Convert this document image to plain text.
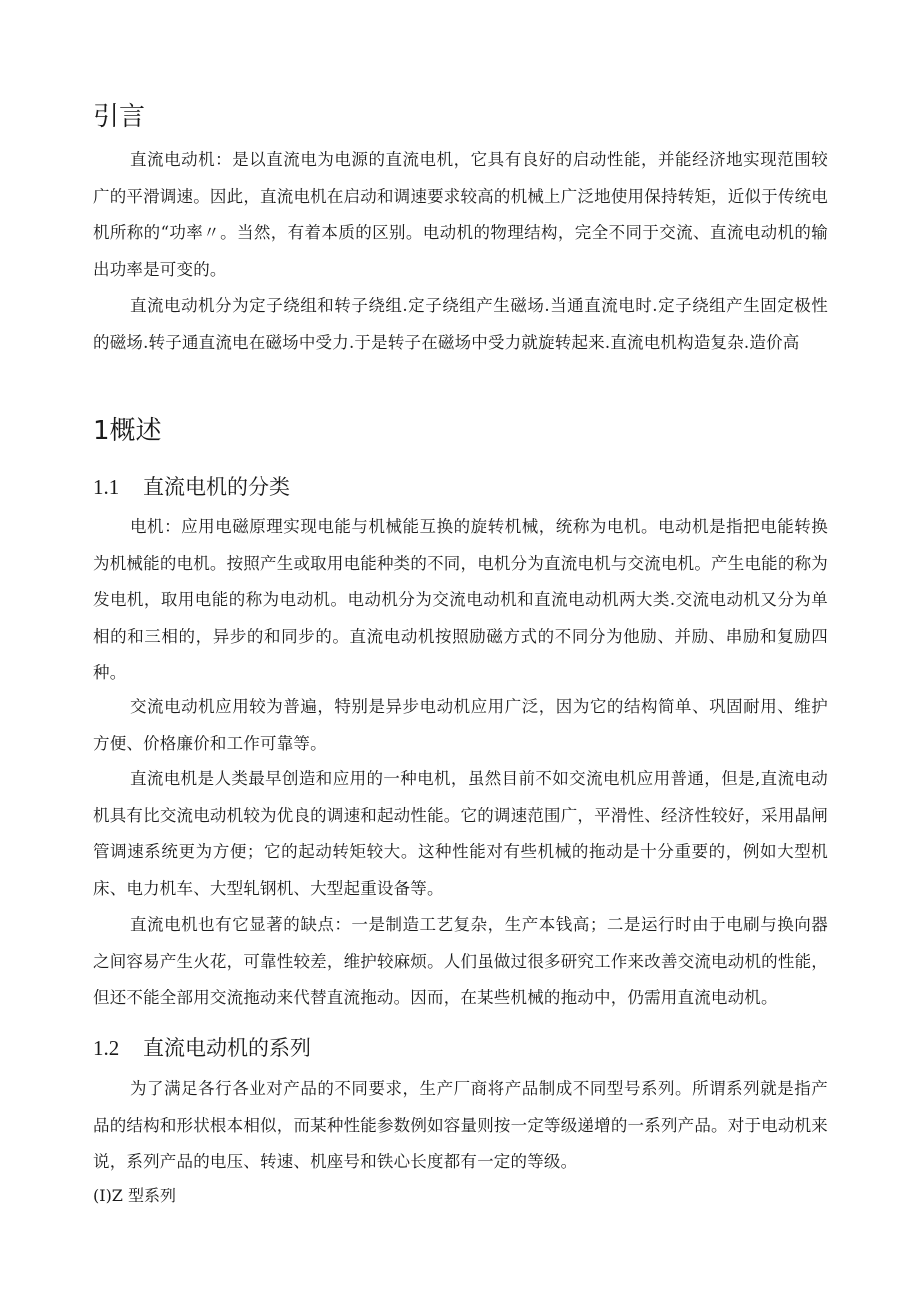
引言

直流电动机：是以直流电为电源的直流电机，它具有良好的启动性能，并能经济地实现范围较广的平滑调速。因此，直流电机在启动和调速要求较高的机械上广泛地使用保持转矩，近似于传统电机所称的“功率〃。当然，有着本质的区别。电动机的物理结构，完全不同于交流、直流电动机的输出功率是可变的。

直流电动机分为定子绕组和转子绕组.定子绕组产生磁场.当通直流电时.定子绕组产生固定极性的磁场.转子通直流电在磁场中受力.于是转子在磁场中受力就旋转起来.直流电机构造复杂.造价高

1概述
1.1 直流电机的分类

电机：应用电磁原理实现电能与机械能互换的旋转机械，统称为电机。电动机是指把电能转换为机械能的电机。按照产生或取用电能种类的不同，电机分为直流电机与交流电机。产生电能的称为发电机，取用电能的称为电动机。电动机分为交流电动机和直流电动机两大类.交流电动机又分为单相的和三相的，异步的和同步的。直流电动机按照励磁方式的不同分为他励、并励、串励和复励四种。

交流电动机应用较为普遍，特别是异步电动机应用广泛，因为它的结构简单、巩固耐用、维护方便、价格廉价和工作可靠等。

直流电机是人类最早创造和应用的一种电机，虽然目前不如交流电机应用普通，但是,直流电动机具有比交流电动机较为优良的调速和起动性能。它的调速范围广，平滑性、经济性较好，采用晶闸管调速系统更为方便；它的起动转矩较大。这种性能对有些机械的拖动是十分重要的，例如大型机床、电力机车、大型轧钢机、大型起重设备等。

直流电机也有它显著的缺点：一是制造工艺复杂，生产本钱高；二是运行时由于电刷与换向器之间容易产生火花，可靠性较差，维护较麻烦。人们虽做过很多研究工作来改善交流电动机的性能，但还不能全部用交流拖动来代替直流拖动。因而，在某些机械的拖动中，仍需用直流电动机。

1.2 直流电动机的系列

为了满足各行各业对产品的不同要求，生产厂商将产品制成不同型号系列。所谓系列就是指产品的结构和形状根本相似，而某种性能参数例如容量则按一定等级递增的一系列产品。对于电动机来说，系列产品的电压、转速、机座号和铁心长度都有一定的等级。

(I)Z 型系列
